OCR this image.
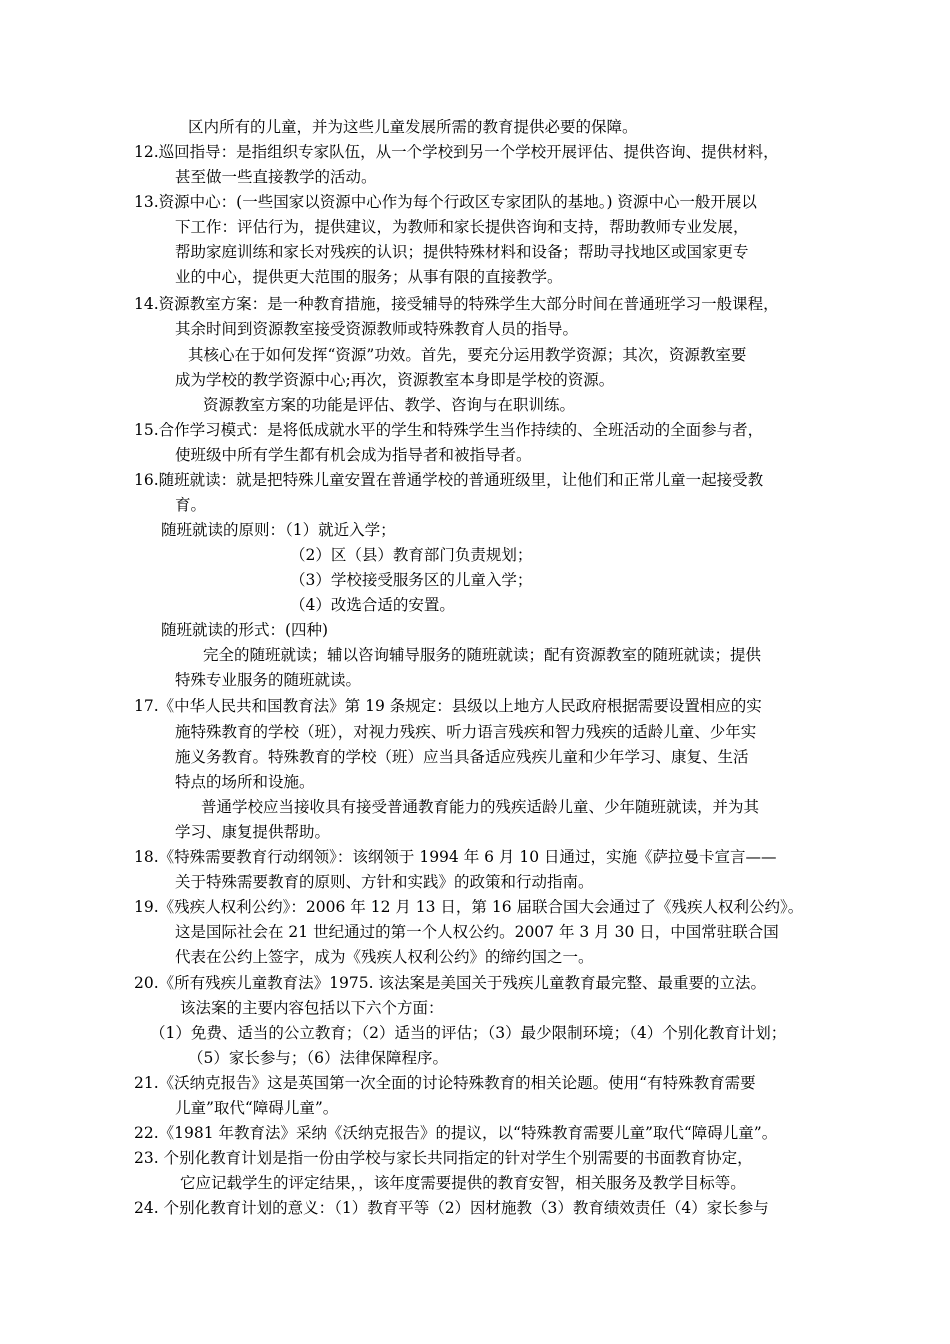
区内所有的儿童，并为这些儿童发展所需的教育提供必要的保障。
12.巡回指导：是指组织专家队伍，从一个学校到另一个学校开展评估、提供咨询、提供材料，
甚至做一些直接教学的活动。
13.资源中心：(一些国家以资源中心作为每个行政区专家团队的基地。) 资源中心一般开展以
下工作：评估行为，提供建议，为教师和家长提供咨询和支持，帮助教师专业发展，
帮助家庭训练和家长对残疾的认识；提供特殊材料和设备；帮助寻找地区或国家更专
业的中心，提供更大范围的服务；从事有限的直接教学。
14.资源教室方案：是一种教育措施，接受辅导的特殊学生大部分时间在普通班学习一般课程，
其余时间到资源教室接受资源教师或特殊教育人员的指导。
其核心在于如何发挥“资源”功效。首先，要充分运用教学资源；其次，资源教室要
成为学校的教学资源中心;再次，资源教室本身即是学校的资源。
资源教室方案的功能是评估、教学、咨询与在职训练。
15.合作学习模式：是将低成就水平的学生和特殊学生当作持续的、全班活动的全面参与者，
使班级中所有学生都有机会成为指导者和被指导者。
16.随班就读：就是把特殊儿童安置在普通学校的普通班级里，让他们和正常儿童一起接受教
育。
随班就读的原则：（1）就近入学；
（2）区（县）教育部门负责规划；
（3）学校接受服务区的儿童入学；
（4）改选合适的安置。
随班就读的形式：(四种)
完全的随班就读；辅以咨询辅导服务的随班就读；配有资源教室的随班就读；提供
特殊专业服务的随班就读。
17.《中华人民共和国教育法》第 19 条规定：县级以上地方人民政府根据需要设置相应的实
施特殊教育的学校（班），对视力残疾、听力语言残疾和智力残疾的适龄儿童、少年实
施义务教育。特殊教育的学校（班）应当具备适应残疾儿童和少年学习、康复、生活
特点的场所和设施。
普通学校应当接收具有接受普通教育能力的残疾适龄儿童、少年随班就读，并为其
学习、康复提供帮助。
18.《特殊需要教育行动纲领》：该纲领于 1994 年 6 月 10 日通过，实施《萨拉曼卡宣言——
关于特殊需要教育的原则、方针和实践》的政策和行动指南。
19.《残疾人权利公约》：2006 年 12 月 13 日，第 16 届联合国大会通过了《残疾人权利公约》。
这是国际社会在 21 世纪通过的第一个人权公约。2007 年 3 月 30 日，中国常驻联合国
代表在公约上签字，成为《残疾人权利公约》的缔约国之一。
20.《所有残疾儿童教育法》1975. 该法案是美国关于残疾儿童教育最完整、最重要的立法。
该法案的主要内容包括以下六个方面：
（1）免费、适当的公立教育；（2）适当的评估；（3）最少限制环境；（4）个别化教育计划；
（5）家长参与；（6）法律保障程序。
21.《沃纳克报告》这是英国第一次全面的讨论特殊教育的相关论题。使用“有特殊教育需要
儿童”取代“障碍儿童”。
22.《1981 年教育法》采纳《沃纳克报告》的提议，以“特殊教育需要儿童”取代“障碍儿童”。
23. 个别化教育计划是指一份由学校与家长共同指定的针对学生个别需要的书面教育协定，
它应记载学生的评定结果，，该年度需要提供的教育安智，相关服务及教学目标等。
24. 个别化教育计划的意义：（1）教育平等（2）因材施教（3）教育绩效责任（4）家长参与
